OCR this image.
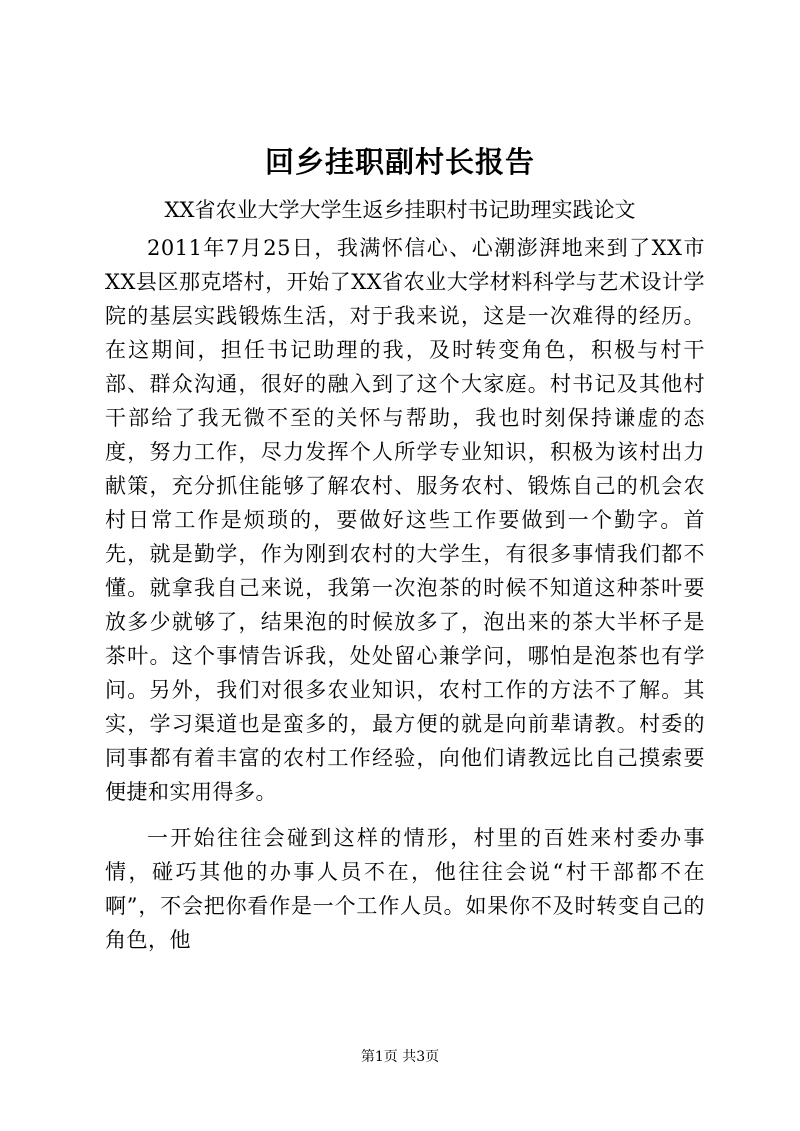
回乡挂职副村长报告
XX省农业大学大学生返乡挂职村书记助理实践论文

2011年7月25日，我满怀信心、心潮澎湃地来到了XX市XX县区那克塔村，开始了XX省农业大学材料科学与艺术设计学院的基层实践锻炼生活，对于我来说，这是一次难得的经历。在这期间，担任书记助理的我，及时转变角色，积极与村干部、群众沟通，很好的融入到了这个大家庭。村书记及其他村干部给了我无微不至的关怀与帮助，我也时刻保持谦虚的态度，努力工作，尽力发挥个人所学专业知识，积极为该村出力献策，充分抓住能够了解农村、服务农村、锻炼自己的机会农村日常工作是烦琐的，要做好这些工作要做到一个勤字。首先，就是勤学，作为刚到农村的大学生，有很多事情我们都不懂。就拿我自己来说，我第一次泡茶的时候不知道这种茶叶要放多少就够了，结果泡的时候放多了，泡出来的茶大半杯子是茶叶。这个事情告诉我，处处留心兼学问，哪怕是泡茶也有学问。另外，我们对很多农业知识，农村工作的方法不了解。其实，学习渠道也是蛮多的，最方便的就是向前辈请教。村委的同事都有着丰富的农村工作经验，向他们请教远比自己摸索要便捷和实用得多。

一开始往往会碰到这样的情形，村里的百姓来村委办事情，碰巧其他的办事人员不在，他往往会说“村干部都不在啊”，不会把你看作是一个工作人员。如果你不及时转变自己的角色，他

第1页 共3页
